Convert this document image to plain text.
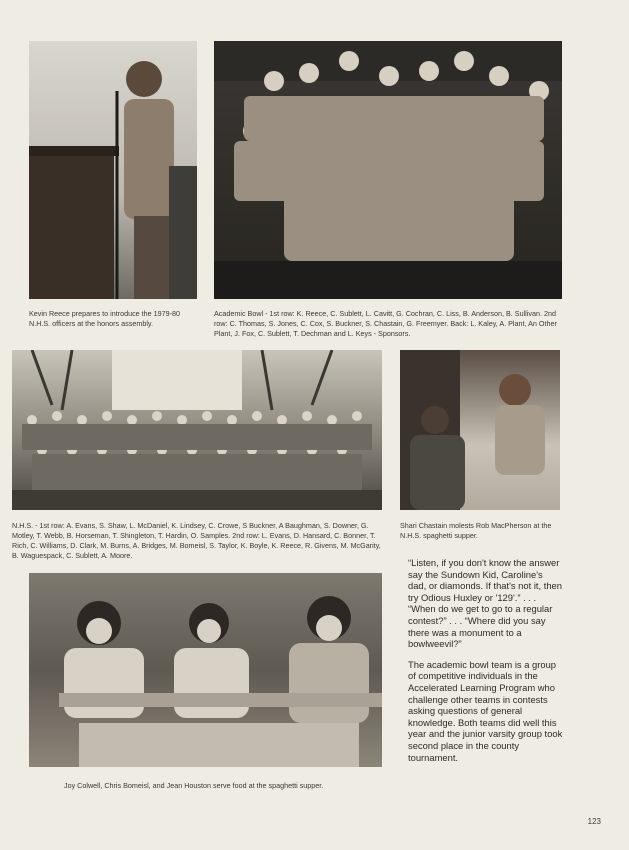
Kevin Reece prepares to introduce the 1979-80 N.H.S. officers at the honors assembly.
Academic Bowl - 1st row: K. Reece, C. Sublett, L. Cavitt, G. Cochran, C. Liss, B. Anderson, B. Sullivan. 2nd row: C. Thomas, S. Jones, C. Cox, S. Buckner, S. Chastain, G. Freemyer. Back: L. Kaley, A. Plant, An Other Plant, J. Fox, C. Sublett, T. Dechman and L. Keys - Sponsors.
N.H.S. - 1st row: A. Evans, S. Shaw, L. McDaniel, K. Lindsey, C. Crowe, S Buckner, A Baughman, S. Downer, G. Motley, T. Webb, B. Horseman, T. Shingleton, T. Hardin, O. Samples. 2nd row: L. Evans, D. Hansard, C. Bonner, T. Rich, C. Williams, D. Clark, M. Burns, A. Bridges, M. Bomeisl, S. Taylor, K. Boyle, K. Reece, R. Givens, M. McGarity, B. Waguespack, C. Sublett, A. Moore.
Shari Chastain molests Rob MacPherson at the N.H.S. spaghetti supper.
Joy Colwell, Chris Bomeisl, and Jean Houston serve food at the spaghetti supper.

“Listen, if you don't know the answer say the Sundown Kid, Caroline's dad, or diamonds. If that's not it, then try Odious Huxley or '129'.” . . . “When do we get to go to a regular contest?” . . . “Where did you say there was a monument to a bowlweevil?”

The academic bowl team is a group of competitive individuals in the Accelerated Learning Program who challenge other teams in contests asking questions of general knowledge. Both teams did well this year and the junior varsity group took second place in the county tournament.

123
